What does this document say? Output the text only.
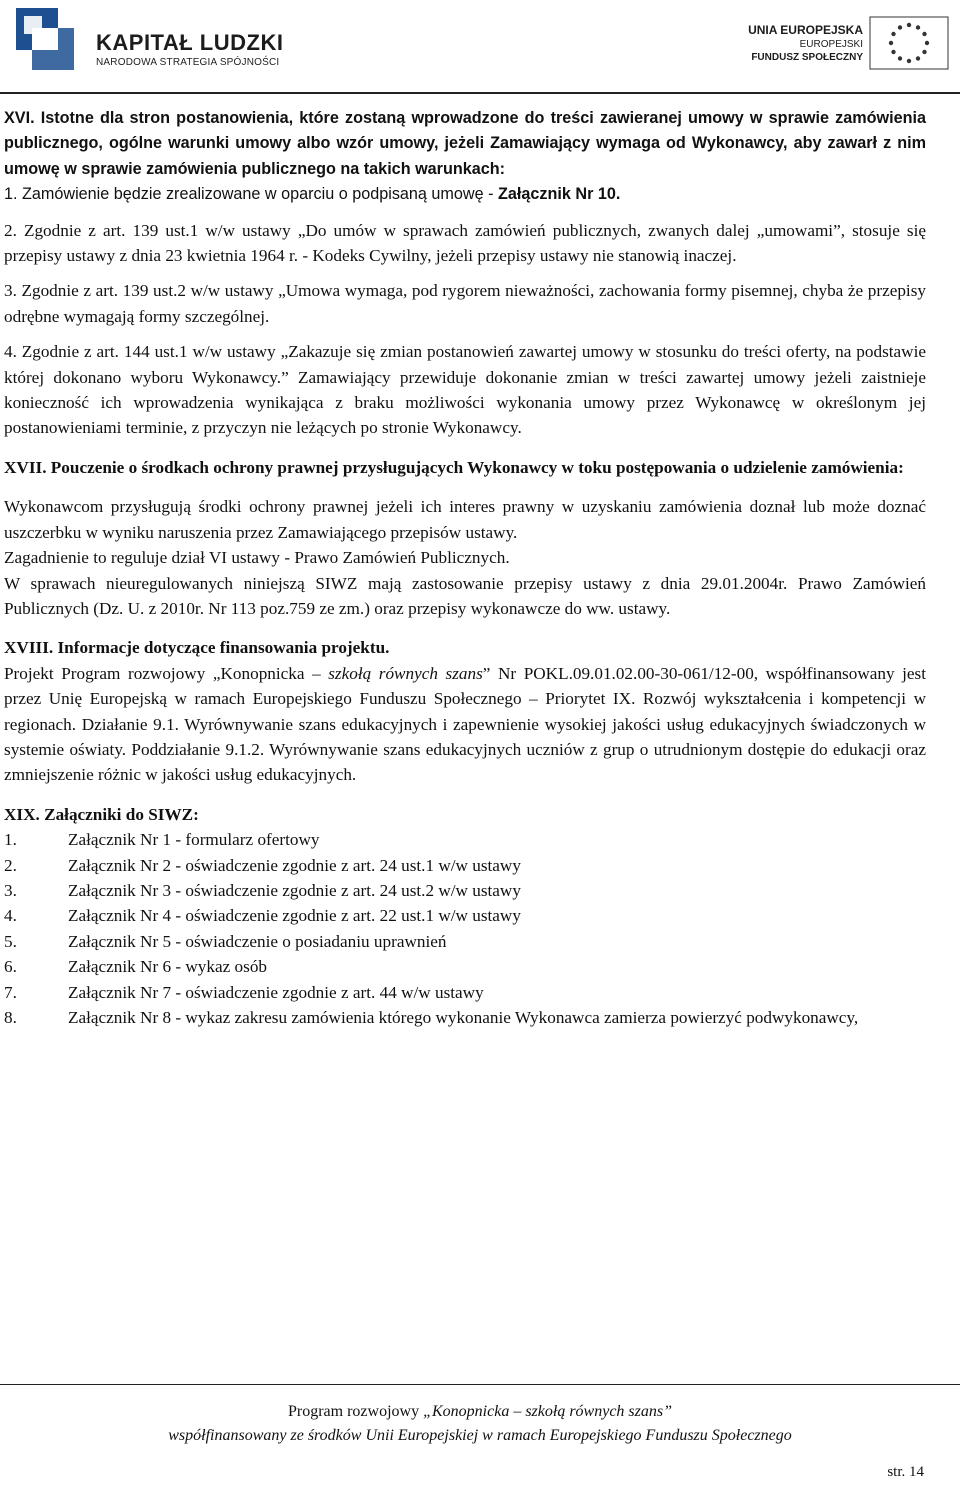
KAPITAŁ LUDZKI
NARODOWA STRATEGIA SPÓJNOŚCI
UNIA EUROPEJSKA
EUROPEJSKI
FUNDUSZ SPOŁECZNY

XVI. Istotne dla stron postanowienia, które zostaną wprowadzone do treści zawieranej umowy w sprawie zamówienia publicznego, ogólne warunki umowy albo wzór umowy, jeżeli Zamawiający wymaga od Wykonawcy, aby zawarł z nim umowę w sprawie zamówienia publicznego na takich warunkach:

1. Zamówienie będzie zrealizowane w oparciu o podpisaną umowę - Załącznik Nr 10.

2. Zgodnie z art. 139 ust.1 w/w ustawy „Do umów w sprawach zamówień publicznych, zwanych dalej „umowami”, stosuje się przepisy ustawy z dnia 23 kwietnia 1964 r. - Kodeks Cywilny, jeżeli przepisy ustawy nie stanowią inaczej.

3. Zgodnie z art. 139 ust.2 w/w ustawy „Umowa wymaga, pod rygorem nieważności, zachowania formy pisemnej, chyba że przepisy odrębne wymagają formy szczególnej.

4. Zgodnie z art. 144 ust.1 w/w ustawy „Zakazuje się zmian postanowień zawartej umowy w stosunku do treści oferty, na podstawie której dokonano wyboru Wykonawcy.” Zamawiający przewiduje dokonanie zmian w treści zawartej umowy jeżeli zaistnieje konieczność ich wprowadzenia wynikająca z braku możliwości wykonania umowy przez Wykonawcę w określonym jej postanowieniami terminie, z przyczyn nie leżących po stronie Wykonawcy.

XVII. Pouczenie o środkach ochrony prawnej przysługujących Wykonawcy w toku postępowania o udzielenie zamówienia:

Wykonawcom przysługują środki ochrony prawnej jeżeli ich interes prawny w uzyskaniu zamówienia doznał lub może doznać uszczerbku w wyniku naruszenia przez Zamawiającego przepisów ustawy.

Zagadnienie to reguluje dział VI ustawy - Prawo Zamówień Publicznych.

W sprawach nieuregulowanych niniejszą SIWZ mają zastosowanie przepisy ustawy z dnia 29.01.2004r. Prawo Zamówień Publicznych (Dz. U. z 2010r. Nr 113 poz.759 ze zm.) oraz przepisy wykonawcze do ww. ustawy.

XVIII. Informacje dotyczące finansowania projektu.

Projekt Program rozwojowy „Konopnicka – szkołą równych szans” Nr POKL.09.01.02.00-30-061/12-00, współfinansowany jest przez Unię Europejską w ramach Europejskiego Funduszu Społecznego – Priorytet IX. Rozwój wykształcenia i kompetencji w regionach. Działanie 9.1. Wyrównywanie szans edukacyjnych i zapewnienie wysokiej jakości usług edukacyjnych świadczonych w systemie oświaty. Poddziałanie 9.1.2. Wyrównywanie szans edukacyjnych uczniów z grup o utrudnionym dostępie do edukacji oraz zmniejszenie różnic w jakości usług edukacyjnych.

XIX. Załączniki do SIWZ:

1.	Załącznik Nr 1 - formularz ofertowy
2.	Załącznik Nr 2 - oświadczenie zgodnie z art. 24 ust.1 w/w ustawy
3.	Załącznik Nr 3 - oświadczenie zgodnie z art. 24 ust.2 w/w ustawy
4.	Załącznik Nr 4 - oświadczenie zgodnie z art. 22 ust.1 w/w ustawy
5.	Załącznik Nr 5 - oświadczenie o posiadaniu uprawnień
6.	Załącznik Nr 6 - wykaz osób
7.	Załącznik Nr 7 - oświadczenie zgodnie z art. 44 w/w ustawy
8.	Załącznik Nr 8 - wykaz zakresu zamówienia którego wykonanie Wykonawca zamierza powierzyć podwykonawcy,
Program rozwojowy „Konopnicka – szkołą równych szans”
współfinansowany ze środków Unii Europejskiej w ramach Europejskiego Funduszu Społecznego
str. 14
